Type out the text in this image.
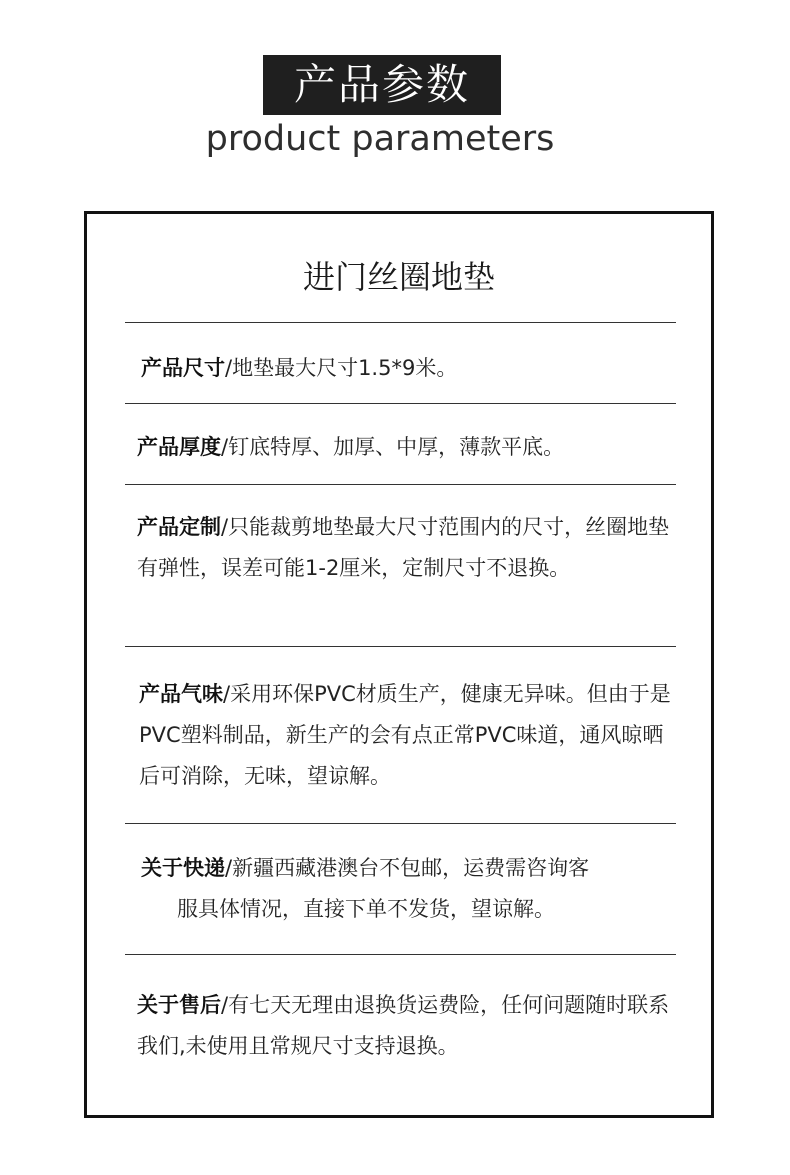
产品参数
product parameters
进门丝圈地垫
产品尺寸/地垫最大尺寸1.5*9米。
产品厚度/钉底特厚、加厚、中厚，薄款平底。
产品定制/只能裁剪地垫最大尺寸范围内的尺寸，丝圈地垫有弹性，误差可能1-2厘米，定制尺寸不退换。
产品气味/采用环保PVC材质生产，健康无异味。但由于是PVC塑料制品，新生产的会有点正常PVC味道，通风晾晒后可消除，无味，望谅解。
关于快递/新疆西藏港澳台不包邮，运费需咨询客
服具体情况，直接下单不发货，望谅解。
关于售后/有七天无理由退换货运费险，任何问题随时联系我们,未使用且常规尺寸支持退换。
